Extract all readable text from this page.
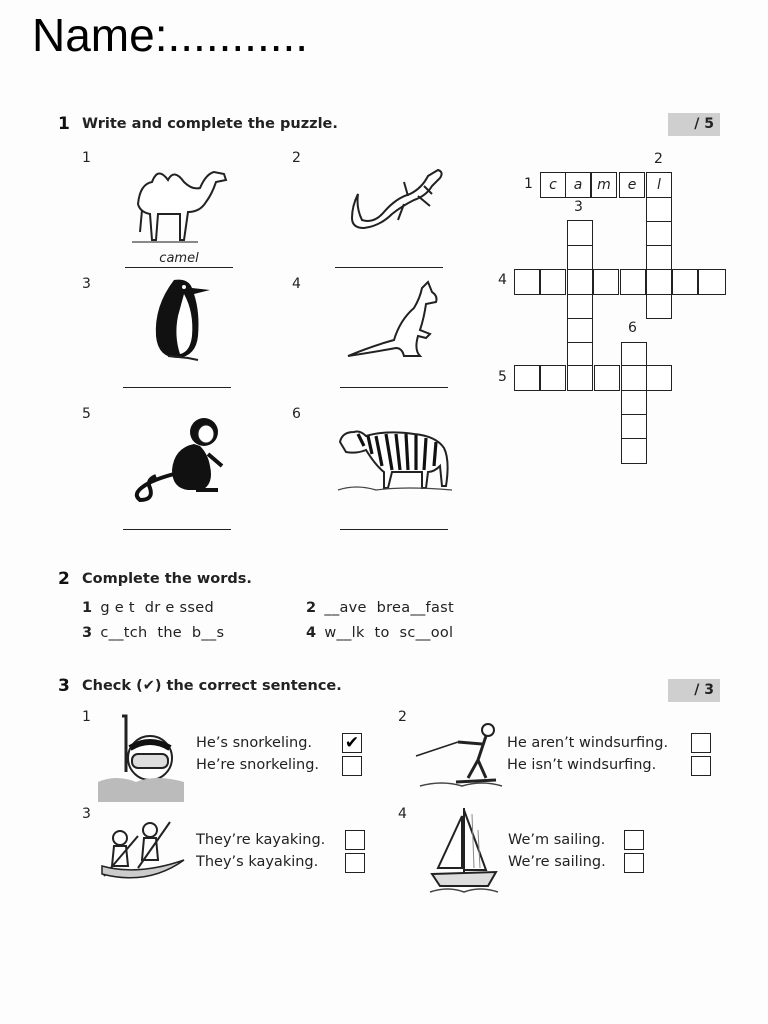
Name:...........
1 Write and complete the puzzle.	/ 5
1
camel
2
3	4
5	6
1
2
3
4
5
6
c	a	m	e	l
2 Complete the words.
1 g e t  dr e ssed	2 __ave  brea__fast
3 c__tch  the  b__s	4 w__lk  to  sc__ool
3 Check (✔) the correct sentence.	/ 3
1
He’s snorkeling.
He’re snorkeling.
✔
2
He aren’t windsurfing.
He isn’t windsurfing.
3
They’re kayaking.
They’s kayaking.
4
We’m sailing.
We’re sailing.
